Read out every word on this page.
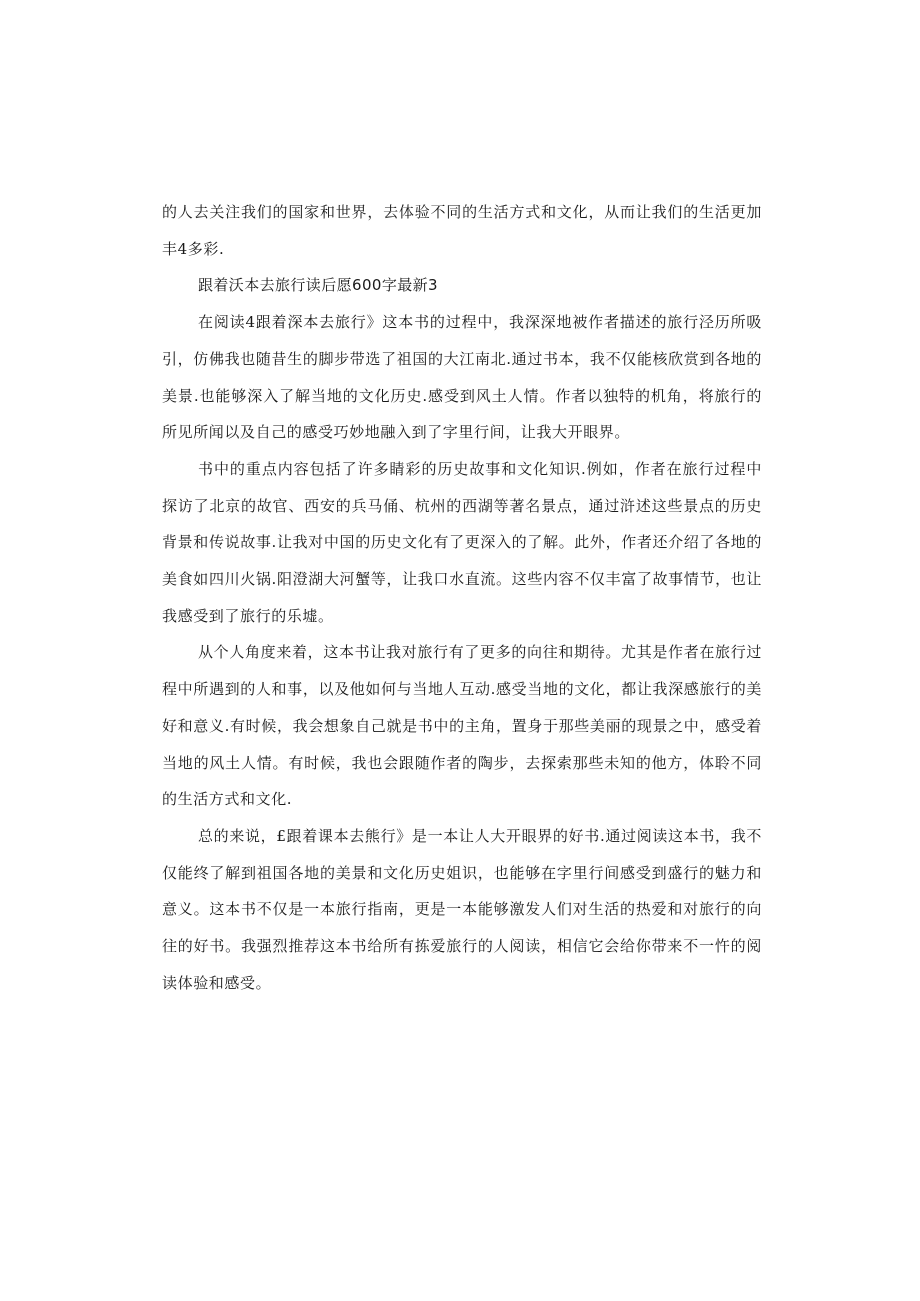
的人去关注我们的国家和世界，去体验不同的生活方式和文化，从而让我们的生活更加丰4多彩.

跟着沃本去旅行读后愿600字最新3

在阅读4跟着深本去旅行》这本书的过程中，我深深地被作者描述的旅行泾历所吸引，仿佛我也随昔生的脚步带选了祖国的大江南北.通过书本，我不仅能核欣赏到各地的美景.也能够深入了解当地的文化历史.感受到风土人情。作者以独特的机角，将旅行的所见所闻以及自己的感受巧妙地融入到了字里行间，让我大开眼界。

书中的重点内容包括了许多睛彩的历史故事和文化知识.例如，作者在旅行过程中探访了北京的故官、西安的兵马俑、杭州的西湖等著名景点，通过浒述这些景点的历史背景和传说故事.让我对中国的历史文化有了更深入的了解。此外，作者还介绍了各地的美食如四川火锅.阳澄湖大河蟹等，让我口水直流。这些内容不仅丰富了故事情节，也让我感受到了旅行的乐墟。

从个人角度来着，这本书让我对旅行有了更多的向往和期待。尤其是作者在旅行过程中所遇到的人和事，以及他如何与当地人互动.感受当地的文化，都让我深感旅行的美好和意义.有时候，我会想象自己就是书中的主角，置身于那些美丽的现景之中，感受着当地的风土人情。有时候，我也会跟随作者的陶步，去探索那些未知的他方，体聆不同的生活方式和文化.

总的来说，£跟着课本去熊行》是一本让人大开眼界的好书.通过阅读这本书，我不仅能终了解到祖国各地的美景和文化历史姐识，也能够在字里行间感受到盛行的魅力和意义。这本书不仅是一本旅行指南，更是一本能够激发人们对生活的热爱和对旅行的向往的好书。我强烈推荐这本书给所有拣爱旅行的人阅读，相信它会给你带来不一忤的阅读体验和感受。
